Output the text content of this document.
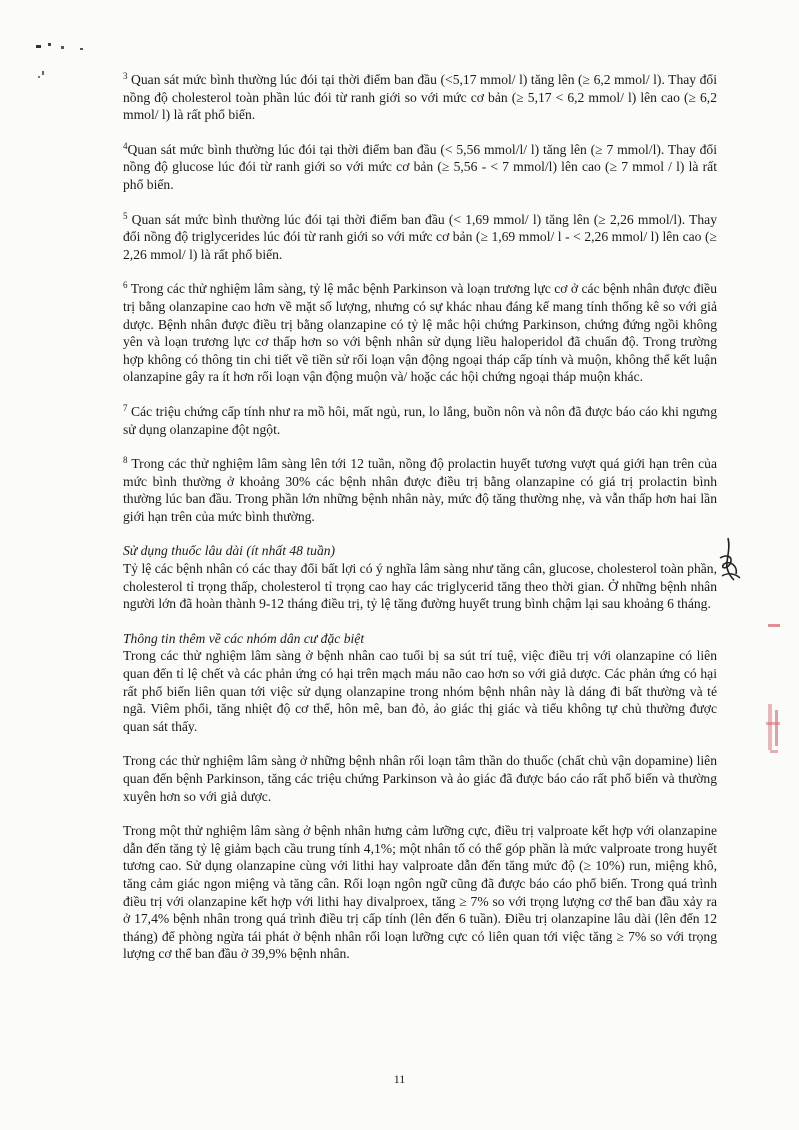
$^3$ Quan sát mức bình thường lúc đói tại thời điểm ban đầu (<5,17 mmol/ l) tăng lên (≥ 6,2 mmol/ l). Thay đổi nồng độ cholesterol toàn phần lúc đói từ ranh giới so với mức cơ bản (≥ 5,17 < 6,2 mmol/ l) lên cao (≥ 6,2 mmol/ l) là rất phổ biến.

$^4$Quan sát mức bình thường lúc đói tại thời điểm ban đầu (< 5,56 mmol/l/ l) tăng lên (≥ 7 mmol/l). Thay đổi nồng độ glucose lúc đói từ ranh giới so với mức cơ bản (≥ 5,56 - < 7 mmol/l) lên cao (≥ 7 mmol / l) là rất phổ biến.

$^5$ Quan sát mức bình thường lúc đói tại thời điểm ban đầu (< 1,69 mmol/ l) tăng lên (≥ 2,26 mmol/l). Thay đổi nồng độ triglycerides lúc đói từ ranh giới so với mức cơ bản (≥ 1,69 mmol/ l - < 2,26 mmol/ l) lên cao (≥ 2,26 mmol/ l) là rất phổ biến.

$^6$ Trong các thử nghiệm lâm sàng, tỷ lệ mắc bệnh Parkinson và loạn trương lực cơ ở các bệnh nhân được điều trị bằng olanzapine cao hơn về mặt số lượng, nhưng có sự khác nhau đáng kể mang tính thống kê so với giả dược. Bệnh nhân được điều trị bằng olanzapine có tỷ lệ mắc hội chứng Parkinson, chứng đứng ngồi không yên và loạn trương lực cơ thấp hơn so với bệnh nhân sử dụng liều haloperidol đã chuẩn độ. Trong trường hợp không có thông tin chi tiết về tiền sử rối loạn vận động ngoại tháp cấp tính và muộn, không thể kết luận olanzapine gây ra ít hơn rối loạn vận động muộn và/ hoặc các hội chứng ngoại tháp muộn khác.

$^7$ Các triệu chứng cấp tính như ra mồ hôi, mất ngủ, run, lo lắng, buồn nôn và nôn đã được báo cáo khi ngưng sử dụng olanzapine đột ngột.

$^8$ Trong các thử nghiệm lâm sàng lên tới 12 tuần, nồng độ prolactin huyết tương vượt quá giới hạn trên của mức bình thường ở khoảng 30% các bệnh nhân được điều trị bằng olanzapine có giá trị prolactin bình thường lúc ban đầu. Trong phần lớn những bệnh nhân này, mức độ tăng thường nhẹ, và vẫn thấp hơn hai lần giới hạn trên của mức bình thường.

Sử dụng thuốc lâu dài (ít nhất 48 tuần)

Tỷ lệ các bệnh nhân có các thay đổi bất lợi có ý nghĩa lâm sàng như tăng cân, glucose, cholesterol toàn phần, cholesterol tỉ trọng thấp, cholesterol tỉ trọng cao hay các triglycerid tăng theo thời gian. Ở những bệnh nhân người lớn đã hoàn thành 9-12 tháng điều trị, tỷ lệ tăng đường huyết trung bình chậm lại sau khoảng 6 tháng.

Thông tin thêm về các nhóm dân cư đặc biệt

Trong các thử nghiệm lâm sàng ở bệnh nhân cao tuổi bị sa sút trí tuệ, việc điều trị với olanzapine có liên quan đến tỉ lệ chết và các phản ứng có hại trên mạch máu não cao hơn so với giả dược. Các phản ứng có hại rất phổ biến liên quan tới việc sử dụng olanzapine trong nhóm bệnh nhân này là dáng đi bất thường và té ngã. Viêm phổi, tăng nhiệt độ cơ thể, hôn mê, ban đỏ, ảo giác thị giác và tiểu không tự chủ thường được quan sát thấy.

Trong các thử nghiệm lâm sàng ở những bệnh nhân rối loạn tâm thần do thuốc (chất chủ vận dopamine) liên quan đến bệnh Parkinson, tăng các triệu chứng Parkinson và ảo giác đã được báo cáo rất phổ biến và thường xuyên hơn so với giả dược.

Trong một thử nghiệm lâm sàng ở bệnh nhân hưng cảm lưỡng cực, điều trị valproate kết hợp với olanzapine dẫn đến tăng tỷ lệ giảm bạch cầu trung tính 4,1%; một nhân tố có thể góp phần là mức valproate trong huyết tương cao. Sử dụng olanzapine cùng với lithi hay valproate dẫn đến tăng mức độ (≥ 10%) run, miệng khô, tăng cảm giác ngon miệng và tăng cân. Rối loạn ngôn ngữ cũng đã được báo cáo phổ biến. Trong quá trình điều trị với olanzapine kết hợp với lithi hay divalproex, tăng ≥ 7% so với trọng lượng cơ thể ban đầu xảy ra ở 17,4% bệnh nhân trong quá trình điều trị cấp tính (lên đến 6 tuần). Điều trị olanzapine lâu dài (lên đến 12 tháng) để phòng ngừa tái phát ở bệnh nhân rối loạn lưỡng cực có liên quan tới việc tăng ≥ 7% so với trọng lượng cơ thể ban đầu ở 39,9% bệnh nhân.

11
